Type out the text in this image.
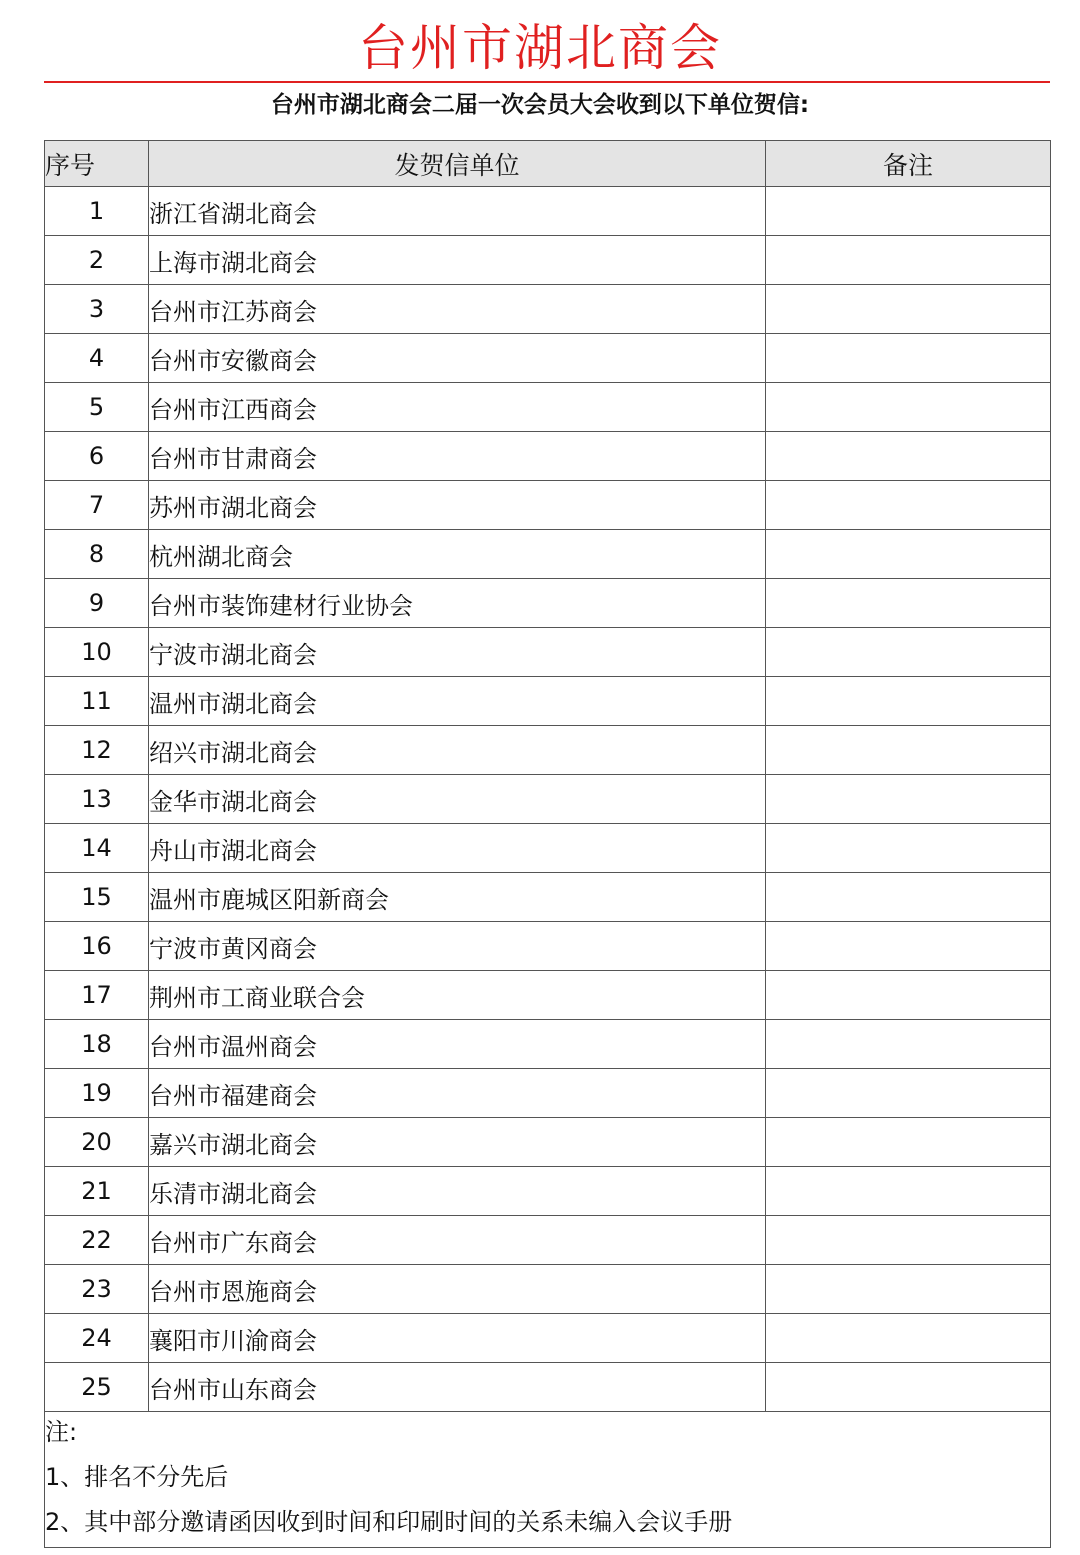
台州市湖北商会
台州市湖北商会二届一次会员大会收到以下单位贺信:
序号	发贺信单位	备注
1	浙江省湖北商会	
2	上海市湖北商会	
3	台州市江苏商会	
4	台州市安徽商会	
5	台州市江西商会	
6	台州市甘肃商会	
7	苏州市湖北商会	
8	杭州湖北商会	
9	台州市装饰建材行业协会	
10	宁波市湖北商会	
11	温州市湖北商会	
12	绍兴市湖北商会	
13	金华市湖北商会	
14	舟山市湖北商会	
15	温州市鹿城区阳新商会	
16	宁波市黄冈商会	
17	荆州市工商业联合会	
18	台州市温州商会	
19	台州市福建商会	
20	嘉兴市湖北商会	
21	乐清市湖北商会	
22	台州市广东商会	
23	台州市恩施商会	
24	襄阳市川渝商会	
25	台州市山东商会	

注:
1、排名不分先后
2、其中部分邀请函因收到时间和印刷时间的关系未编入会议手册		
